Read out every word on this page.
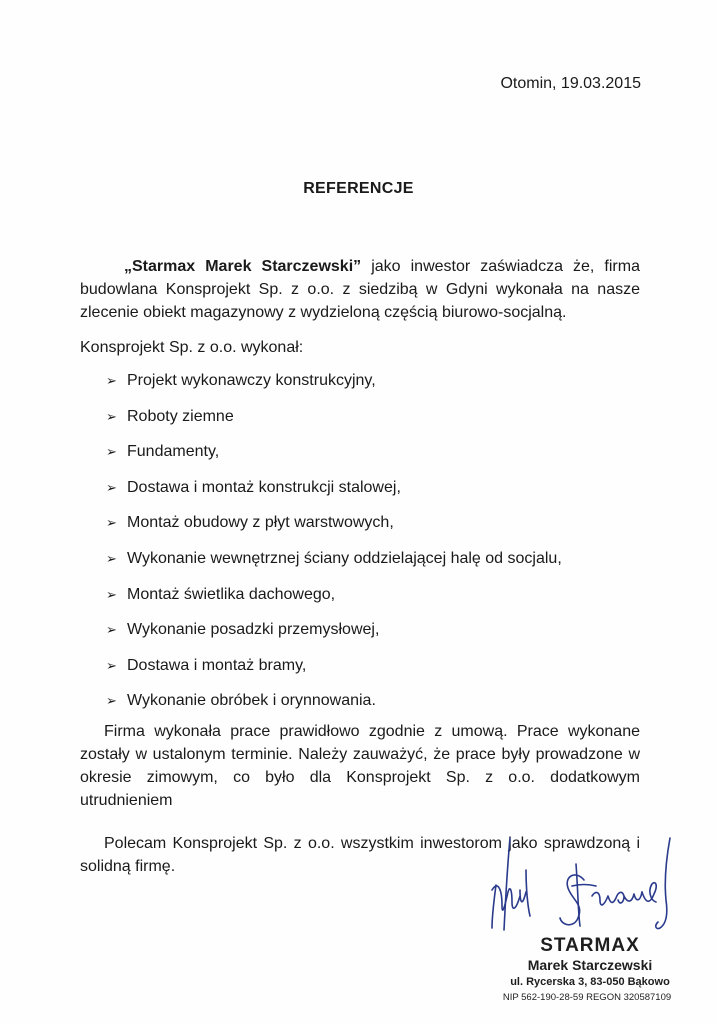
Otomin, 19.03.2015
REFERENCJE

„Starmax Marek Starczewski” jako inwestor zaświadcza że, firma budowlana Konsprojekt Sp. z o.o. z siedzibą w Gdyni wykonała na nasze zlecenie obiekt magazynowy z wydzieloną częścią biurowo-socjalną.

Konsprojekt Sp. z o.o. wykonał:

➢ Projekt wykonawczy konstrukcyjny,
➢ Roboty ziemne
➢ Fundamenty,
➢ Dostawa i montaż konstrukcji stalowej,
➢ Montaż obudowy z płyt warstwowych,
➢ Wykonanie wewnętrznej ściany oddzielającej halę od socjalu,
➢ Montaż świetlika dachowego,
➢ Wykonanie posadzki przemysłowej,
➢ Dostawa i montaż bramy,
➢ Wykonanie obróbek i orynnowania.

Firma wykonała prace prawidłowo zgodnie z umową. Prace wykonane zostały w ustalonym terminie. Należy zauważyć, że prace były prowadzone w okresie zimowym, co było dla Konsprojekt Sp. z o.o. dodatkowym utrudnieniem

Polecam Konsprojekt Sp. z o.o. wszystkim inwestorom jako sprawdzoną i solidną firmę.

STARMAX
Marek Starczewski
ul. Rycerska 3, 83-050 Bąkowo
NIP 562-190-28-59 REGON 320587109
